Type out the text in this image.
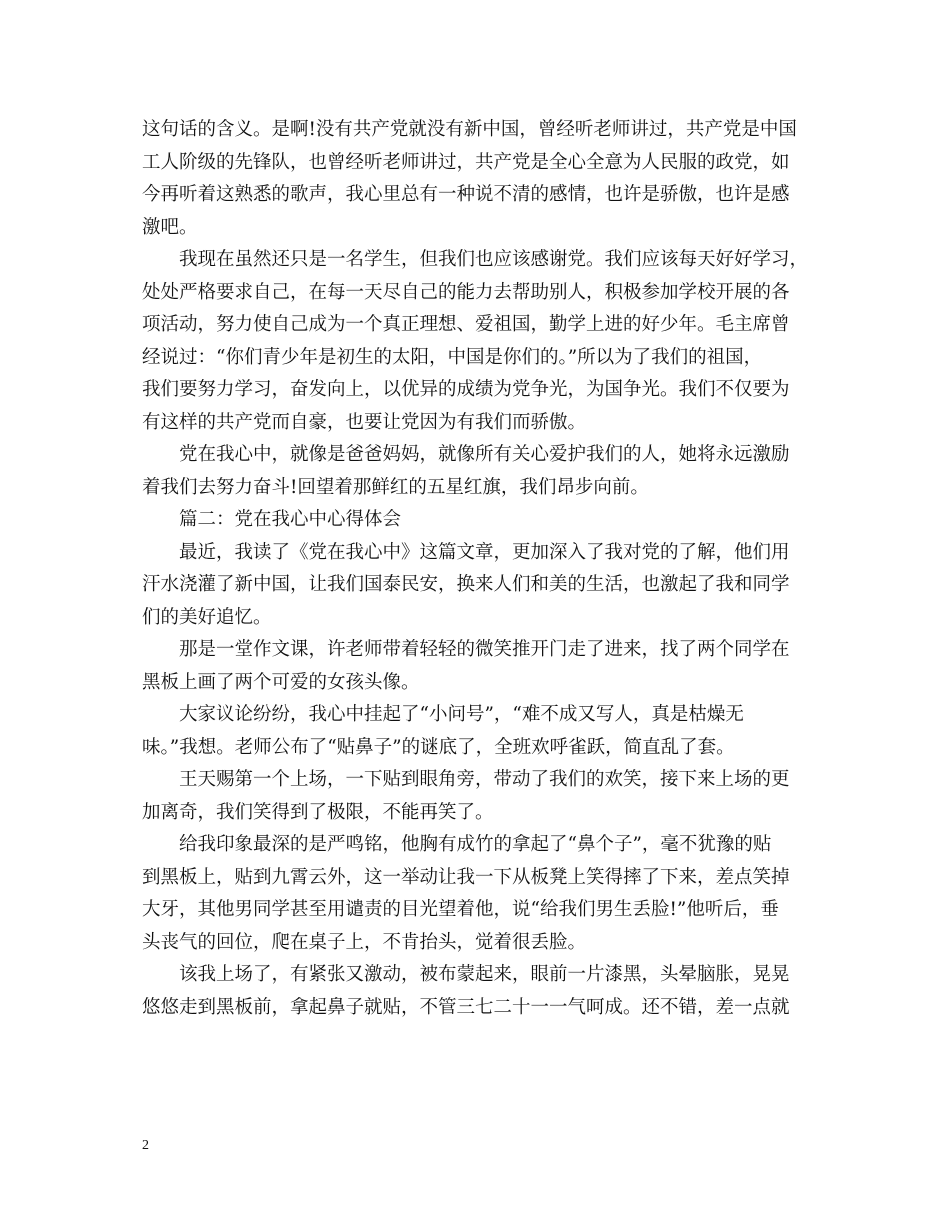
这句话的含义。是啊!没有共产党就没有新中国，曾经听老师讲过，共产党是中国
工人阶级的先锋队，也曾经听老师讲过，共产党是全心全意为人民服的政党，如
今再听着这熟悉的歌声，我心里总有一种说不清的感情，也许是骄傲，也许是感
激吧。
我现在虽然还只是一名学生，但我们也应该感谢党。我们应该每天好好学习，
处处严格要求自己，在每一天尽自己的能力去帮助别人，积极参加学校开展的各
项活动，努力使自己成为一个真正理想、爱祖国，勤学上进的好少年。毛主席曾
经说过：“你们青少年是初生的太阳，中国是你们的。”所以为了我们的祖国，
我们要努力学习，奋发向上，以优异的成绩为党争光，为国争光。我们不仅要为
有这样的共产党而自豪，也要让党因为有我们而骄傲。
党在我心中，就像是爸爸妈妈，就像所有关心爱护我们的人，她将永远激励
着我们去努力奋斗!回望着那鲜红的五星红旗，我们昂步向前。
篇二：党在我心中心得体会
最近，我读了《党在我心中》这篇文章，更加深入了我对党的了解，他们用
汗水浇灌了新中国，让我们国泰民安，换来人们和美的生活，也激起了我和同学
们的美好追忆。
那是一堂作文课，许老师带着轻轻的微笑推开门走了进来，找了两个同学在
黑板上画了两个可爱的女孩头像。
大家议论纷纷，我心中挂起了“小问号”，“难不成又写人，真是枯燥无
味。”我想。老师公布了“贴鼻子”的谜底了，全班欢呼雀跃，简直乱了套。
王天赐第一个上场，一下贴到眼角旁，带动了我们的欢笑，接下来上场的更
加离奇，我们笑得到了极限，不能再笑了。
给我印象最深的是严鸣铭，他胸有成竹的拿起了“鼻个子”，毫不犹豫的贴
到黑板上，贴到九霄云外，这一举动让我一下从板凳上笑得摔了下来，差点笑掉
大牙，其他男同学甚至用谴责的目光望着他，说“给我们男生丢脸!”他听后，垂
头丧气的回位，爬在桌子上，不肯抬头，觉着很丢脸。
该我上场了，有紧张又激动，被布蒙起来，眼前一片漆黑，头晕脑胀，晃晃
悠悠走到黑板前，拿起鼻子就贴，不管三七二十一一气呵成。还不错，差一点就
2
